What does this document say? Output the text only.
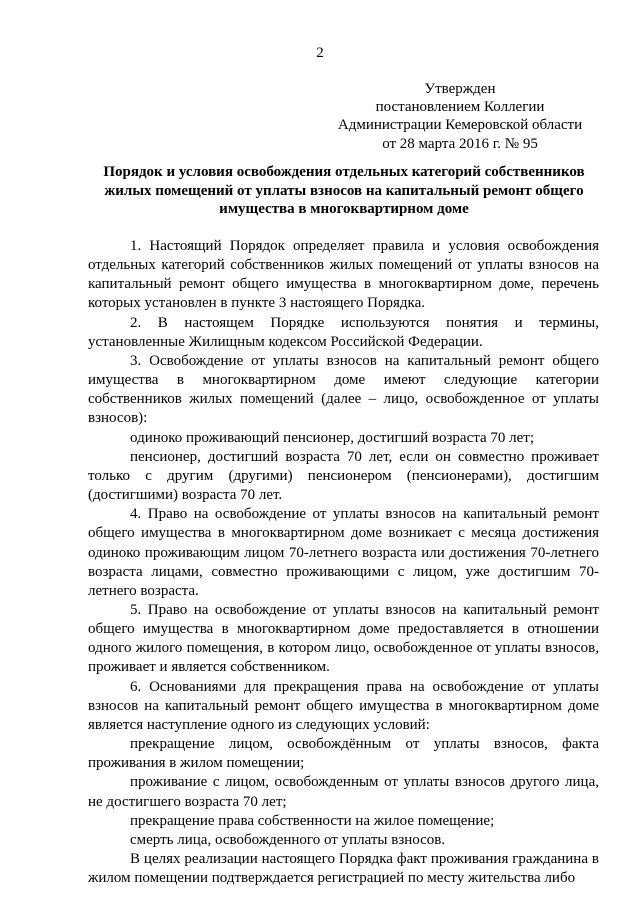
2
Утвержден
постановлением Коллегии
Администрации Кемеровской области
от 28 марта 2016 г. № 95
Порядок и условия освобождения отдельных категорий собственников
жилых помещений от уплаты взносов на капитальный ремонт общего
имущества в многоквартирном доме

1. Настоящий Порядок определяет правила и условия освобождения отдельных категорий собственников жилых помещений от уплаты взносов на капитальный ремонт общего имущества в многоквартирном доме, перечень которых установлен в пункте 3 настоящего Порядка.

2. В настоящем Порядке используются понятия и термины, установленные Жилищным кодексом Российской Федерации.

3. Освобождение от уплаты взносов на капитальный ремонт общего имущества в многоквартирном доме имеют следующие категории собственников жилых помещений (далее – лицо, освобожденное от уплаты взносов):

одиноко проживающий пенсионер, достигший возраста 70 лет;

пенсионер, достигший возраста 70 лет, если он совместно проживает только с другим (другими) пенсионером (пенсионерами), достигшим (достигшими) возраста 70 лет.

4. Право на освобождение от уплаты взносов на капитальный ремонт общего имущества в многоквартирном доме возникает с месяца достижения одиноко проживающим лицом 70-летнего возраста или достижения 70-летнего возраста лицами, совместно проживающими с лицом, уже достигшим 70-летнего возраста.

5. Право на освобождение от уплаты взносов на капитальный ремонт общего имущества в многоквартирном доме предоставляется в отношении одного жилого помещения, в котором лицо, освобожденное от уплаты взносов, проживает и является собственником.

6. Основаниями для прекращения права на освобождение от уплаты взносов на капитальный ремонт общего имущества в многоквартирном доме является наступление одного из следующих условий:

прекращение лицом, освобождённым от уплаты взносов, факта проживания в жилом помещении;

проживание с лицом, освобожденным от уплаты взносов другого лица, не достигшего возраста 70 лет;

прекращение права собственности на жилое помещение;

смерть лица, освобожденного от уплаты взносов.

В целях реализации настоящего Порядка факт проживания гражданина в жилом помещении подтверждается регистрацией по месту жительства либо
